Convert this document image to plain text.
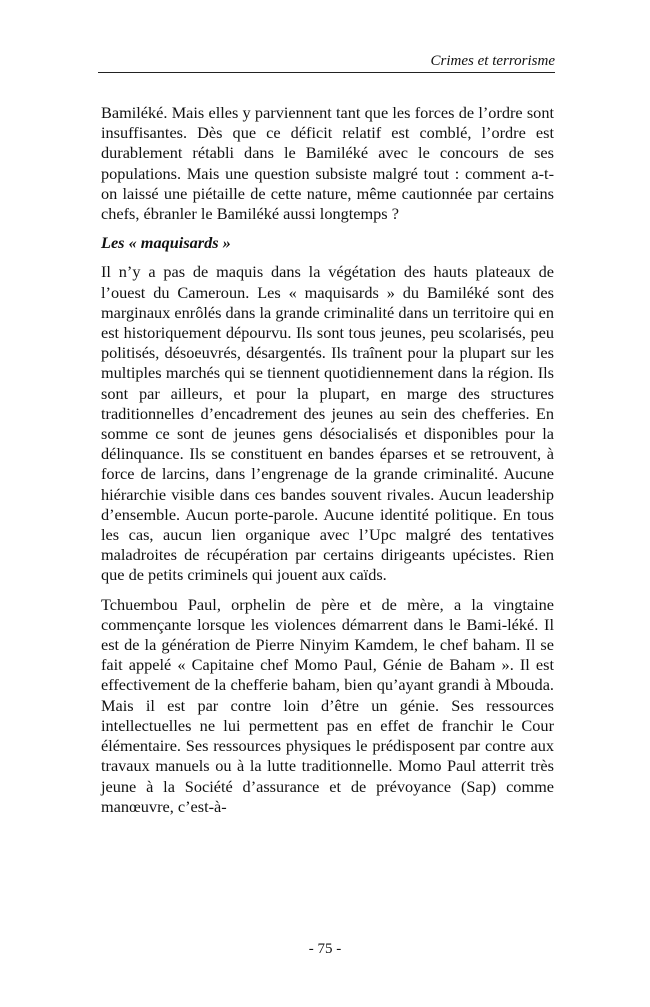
Crimes et terrorisme

Bamiléké. Mais elles y parviennent tant que les forces de l’ordre sont insuffisantes. Dès que ce déficit relatif est comblé, l’ordre est durablement rétabli dans le Bamiléké avec le concours de ses populations. Mais une question subsiste malgré tout : comment a-t-on laissé une piétaille de cette nature, même cautionnée par certains chefs, ébranler le Bamiléké aussi longtemps ?

Les « maquisards »

Il n’y a pas de maquis dans la végétation des hauts plateaux de l’ouest du Cameroun. Les « maquisards » du Bamiléké sont des marginaux enrôlés dans la grande criminalité dans un territoire qui en est historiquement dépourvu. Ils sont tous jeunes, peu scolarisés, peu politisés, désoeuvrés, désargentés. Ils traînent pour la plupart sur les multiples marchés qui se tiennent quotidiennement dans la région. Ils sont par ailleurs, et pour la plupart, en marge des structures traditionnelles d’encadrement des jeunes au sein des chefferies. En somme ce sont de jeunes gens désocialisés et disponibles pour la délinquance. Ils se constituent en bandes éparses et se retrouvent, à force de larcins, dans l’engrenage de la grande criminalité. Aucune hiérarchie visible dans ces bandes souvent rivales. Aucun leadership d’ensemble. Aucun porte-parole. Aucune identité politique. En tous les cas, aucun lien organique avec l’Upc malgré des tentatives maladroites de récupération par certains dirigeants upécistes. Rien que de petits criminels qui jouent aux caïds.

Tchuembou Paul, orphelin de père et de mère, a la vingtaine commençante lorsque les violences démarrent dans le Bami-léké. Il est de la génération de Pierre Ninyim Kamdem, le chef baham. Il se fait appelé « Capitaine chef Momo Paul, Génie de Baham ». Il est effectivement de la chefferie baham, bien qu’ayant grandi à Mbouda. Mais il est par contre loin d’être un génie. Ses ressources intellectuelles ne lui permettent pas en effet de franchir le Cour élémentaire. Ses ressources physiques le prédisposent par contre aux travaux manuels ou à la lutte traditionnelle. Momo Paul atterrit très jeune à la Société d’assurance et de prévoyance (Sap) comme manœuvre, c’est-à-

- 75 -
